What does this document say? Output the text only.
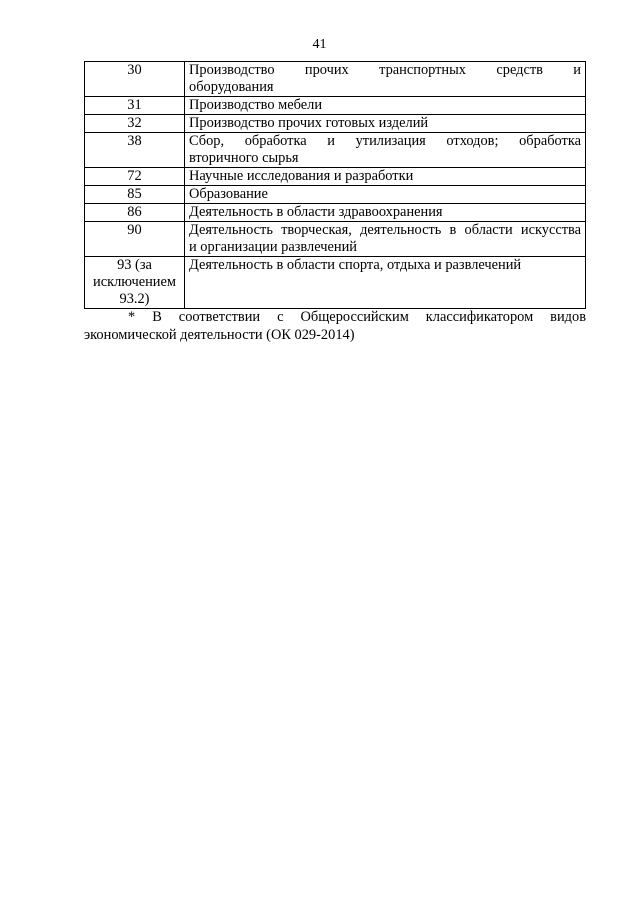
41
30	Производство прочих транспортных средств и
оборудования

31	Производство мебели
32	Производство прочих готовых изделий
38	Сбор, обработка и утилизация отходов; обработка
вторичного сырья

72	Научные исследования и разработки
85	Образование
86	Деятельность в области здравоохранения
90	Деятельность творческая, деятельность в области искусства
и организации развлечений

93 (за
исключением
93.2)	Деятельность в области спорта, отдыха и развлечений
* В соответствии с Общероссийским классификатором видов
экономической деятельности (ОК 029-2014)
